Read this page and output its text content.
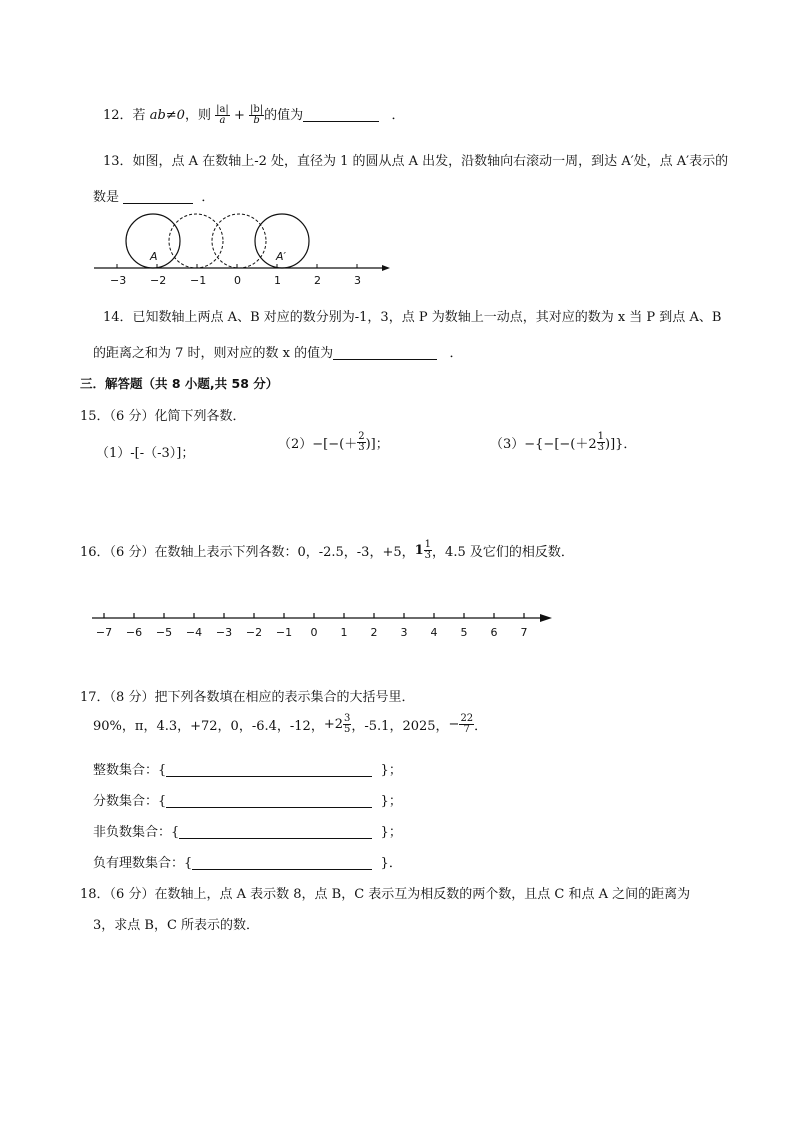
12．若 ab≠0，则 $\frac{|a|}{a} + \frac{|b|}{b}$ 的值为	．
13．如图，点 A 在数轴上-2 处，直径为 1 的圆从点 A 出发，沿数轴向右滚动一周，到达 A′处，点 A′表示的
数是	．
A	A′
−3 −2 −1	0	1	2	3
14．已知数轴上两点 A、B 对应的数分别为-1，3，点 P 为数轴上一动点，其对应的数为 x 当 P 到点 A、B
的距离之和为 7 时，则对应的数 x 的值为	．
三．解答题（共 8 小题,共 58 分）
15．（6 分）化简下列各数．
（1）-[-（-3）]；
$(2)-[-(+ \frac{2}{3}$ )]；	$(3)-\{-[-(+2 \frac{1}{3}$ )]}．
16．（6 分）在数轴上表示下列各数：0，-2.5，-3，+5，$1 \frac{1}{3}$ ，4.5 及它们的相反数．
−7 −6 −5 −4 −3 −2 −1 0 1 2 3 4 5 6 7
17．（8 分）把下列各数填在相应的表示集合的大括号里．
90%，π，4.3，+72，0，-6.4，-12，$+2 \frac{3}{5}$ ，-5.1，2025，− $\frac{22}{7}$ ．
整数集合：{	}；
分数集合：{	}；
非负数集合：{	}；
负有理数集合：{	}．
18．（6 分）在数轴上，点 A 表示数 8，点 B，C 表示互为相反数的两个数，且点 C 和点 A 之间的距离为
3，求点 B，C 所表示的数．
